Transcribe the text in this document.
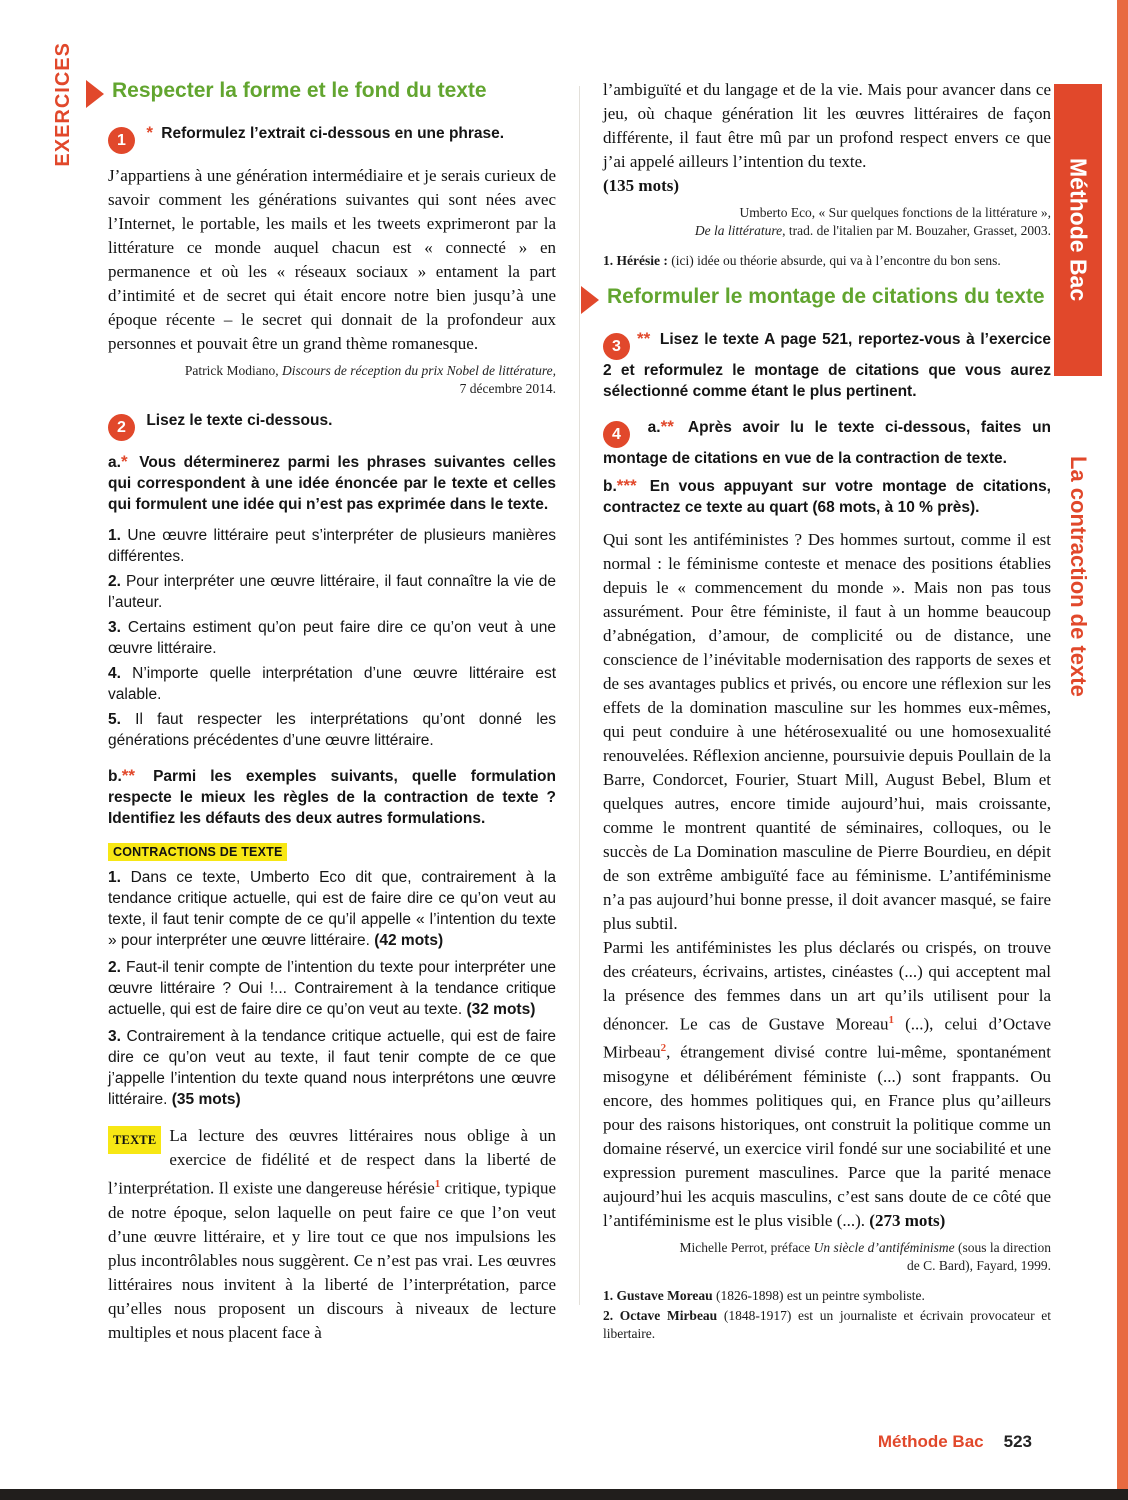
EXERCICES
Méthode Bac
La contraction de texte
Méthode Bac 523
Respecter la forme et le fond du texte

1 * Reformulez l’extrait ci-dessous en une phrase.

J’appartiens à une génération intermédiaire et je serais curieux de savoir comment les générations suivantes qui sont nées avec l’Internet, le portable, les mails et les tweets exprimeront par la littérature ce monde auquel chacun est « connecté » en permanence et où les « réseaux sociaux » entament la part d’intimité et de secret qui était encore notre bien jusqu’à une époque récente – le secret qui donnait de la profondeur aux personnes et pouvait être un grand thème romanesque.

Patrick Modiano, Discours de réception du prix Nobel de littérature,
7 décembre 2014.

2 Lisez le texte ci-dessous.

a.* Vous déterminerez parmi les phrases suivantes celles qui correspondent à une idée énoncée par le texte et celles qui formulent une idée qui n’est pas exprimée dans le texte.

1. Une œuvre littéraire peut s’interpréter de plusieurs manières différentes.

2. Pour interpréter une œuvre littéraire, il faut connaître la vie de l’auteur.

3. Certains estiment qu’on peut faire dire ce qu’on veut à une œuvre littéraire.

4. N’importe quelle interprétation d’une œuvre littéraire est valable.

5. Il faut respecter les interprétations qu’ont donné les générations précédentes d’une œuvre littéraire.

b.** Parmi les exemples suivants, quelle formulation respecte le mieux les règles de la contraction de texte ? Identifiez les défauts des deux autres formulations.

CONTRACTIONS DE TEXTE

1. Dans ce texte, Umberto Eco dit que, contrairement à la tendance critique actuelle, qui est de faire dire ce qu’on veut au texte, il faut tenir compte de ce qu’il appelle « l’intention du texte » pour interpréter une œuvre littéraire. (42 mots)

2. Faut-il tenir compte de l’intention du texte pour interpréter une œuvre littéraire ? Oui !... Contrairement à la tendance critique actuelle, qui est de faire dire ce qu’on veut au texte. (32 mots)

3. Contrairement à la tendance critique actuelle, qui est de faire dire ce qu’on veut au texte, il faut tenir compte de ce que j’appelle l’intention du texte quand nous interprétons une œuvre littéraire. (35 mots)

TEXTE La lecture des œuvres littéraires nous oblige à un exercice de fidélité et de respect dans la liberté de l’interprétation. Il existe une dangereuse hérésie$^1$ critique, typique de notre époque, selon laquelle on peut faire ce que l’on veut d’une œuvre littéraire, et y lire tout ce que nos impulsions les plus incontrôlables nous suggèrent. Ce n’est pas vrai. Les œuvres littéraires nous invitent à la liberté de l’interprétation, parce qu’elles nous proposent un discours à niveaux de lecture multiples et nous placent face à

l’ambiguïté et du langage et de la vie. Mais pour avancer dans ce jeu, où chaque génération lit les œuvres littéraires de façon différente, il faut être mû par un profond respect envers ce que j’ai appelé ailleurs l’intention du texte.

(135 mots)
Umberto Eco, « Sur quelques fonctions de la littérature »,
De la littérature, trad. de l'italien par M. Bouzaher, Grasset, 2003.

1. Hérésie : (ici) idée ou théorie absurde, qui va à l’encontre du bon sens.

Reformuler le montage de citations du texte

3 ** Lisez le texte A page 521, reportez-vous à l’exercice 2 et reformulez le montage de citations que vous aurez sélectionné comme étant le plus pertinent.

4 a.** Après avoir lu le texte ci-dessous, faites un montage de citations en vue de la contraction de texte.

b.*** En vous appuyant sur votre montage de citations, contractez ce texte au quart (68 mots, à 10 % près).

Qui sont les antiféministes ? Des hommes surtout, comme il est normal : le féminisme conteste et menace des positions établies depuis le « commencement du monde ». Mais non pas tous assurément. Pour être féministe, il faut à un homme beaucoup d’abnégation, d’amour, de complicité ou de distance, une conscience de l’inévitable modernisation des rapports de sexes et de ses avantages publics et privés, ou encore une réflexion sur les effets de la domination masculine sur les hommes eux-mêmes, qui peut conduire à une hétérosexualité ou une homosexualité renouvelées. Réflexion ancienne, poursuivie depuis Poullain de la Barre, Condorcet, Fourier, Stuart Mill, August Bebel, Blum et quelques autres, encore timide aujourd’hui, mais croissante, comme le montrent quantité de séminaires, colloques, ou le succès de La Domination masculine de Pierre Bourdieu, en dépit de son extrême ambiguïté face au féminisme. L’antiféminisme n’a pas aujourd’hui bonne presse, il doit avancer masqué, se faire plus subtil.

Parmi les antiféministes les plus déclarés ou crispés, on trouve des créateurs, écrivains, artistes, cinéastes (...) qui acceptent mal la présence des femmes dans un art qu’ils utilisent pour la dénoncer. Le cas de Gustave Moreau$^1$ (...), celui d’Octave Mirbeau$^2$, étrangement divisé contre lui-même, spontanément misogyne et délibérément féministe (...) sont frappants. Ou encore, des hommes politiques qui, en France plus qu’ailleurs pour des raisons historiques, ont construit la politique comme un domaine réservé, un exercice viril fondé sur une sociabilité et une expression purement masculines. Parce que la parité menace aujourd’hui les acquis masculins, c’est sans doute de ce côté que l’antiféminisme est le plus visible (...). (273 mots)

Michelle Perrot, préface Un siècle d’antiféminisme (sous la direction
de C. Bard), Fayard, 1999.

1. Gustave Moreau (1826-1898) est un peintre symboliste.

2. Octave Mirbeau (1848-1917) est un journaliste et écrivain provocateur et libertaire.
